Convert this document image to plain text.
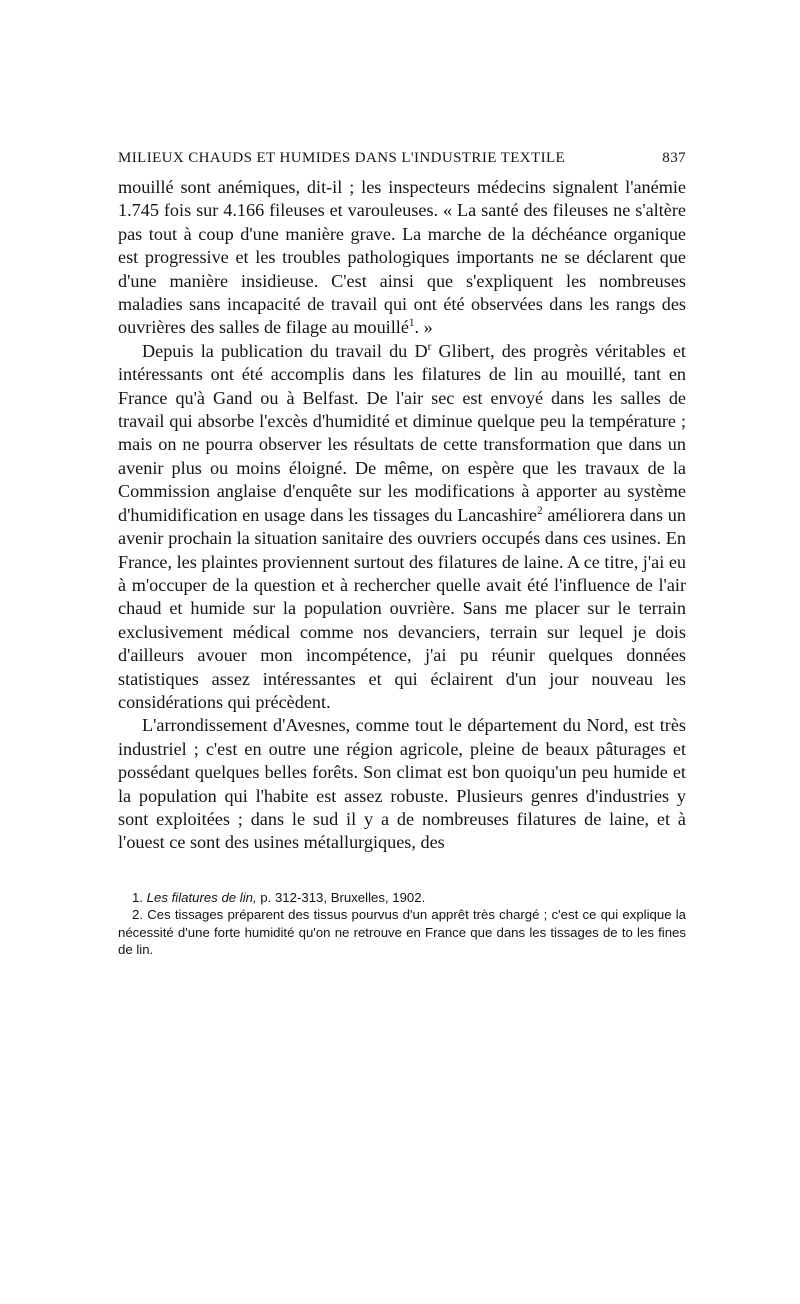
MILIEUX CHAUDS ET HUMIDES DANS L'INDUSTRIE TEXTILE	837

mouillé sont anémiques, dit-il ; les inspecteurs médecins signalent l'anémie 1.745 fois sur 4.166 fileuses et varouleuses. « La santé des fileuses ne s'altère pas tout à coup d'une manière grave. La marche de la déchéance organique est progressive et les troubles pathologiques importants ne se déclarent que d'une manière insidieuse. C'est ainsi que s'expliquent les nombreuses maladies sans incapacité de travail qui ont été observées dans les rangs des ouvrières des salles de filage au mouillé$^1$. »

Depuis la publication du travail du $D^r$ Glibert, des progrès véritables et intéressants ont été accomplis dans les filatures de lin au mouillé, tant en France qu'à Gand ou à Belfast. De l'air sec est envoyé dans les salles de travail qui absorbe l'excès d'humidité et diminue quelque peu la température ; mais on ne pourra observer les résultats de cette transformation que dans un avenir plus ou moins éloigné. De même, on espère que les travaux de la Commission anglaise d'enquête sur les modifications à apporter au système d'humidification en usage dans les tissages du Lancashire$^2$ améliorera dans un avenir prochain la situation sanitaire des ouvriers occupés dans ces usines. En France, les plaintes proviennent surtout des filatures de laine. A ce titre, j'ai eu à m'occuper de la question et à rechercher quelle avait été l'influence de l'air chaud et humide sur la population ouvrière. Sans me placer sur le terrain exclusivement médical comme nos devanciers, terrain sur lequel je dois d'ailleurs avouer mon incompétence, j'ai pu réunir quelques données statistiques assez intéressantes et qui éclairent d'un jour nouveau les considérations qui précèdent.

L'arrondissement d'Avesnes, comme tout le département du Nord, est très industriel ; c'est en outre une région agricole, pleine de beaux pâturages et possédant quelques belles forêts. Son climat est bon quoiqu'un peu humide et la population qui l'habite est assez robuste. Plusieurs genres d'industries y sont exploitées ; dans le sud il y a de nombreuses filatures de laine, et à l'ouest ce sont des usines métallurgiques, des

1. Les filatures de lin, p. 312-313, Bruxelles, 1902.

2. Ces tissages préparent des tissus pourvus d'un apprêt très chargé ; c'est ce qui explique la nécessité d'une forte humidité qu'on ne retrouve en France que dans les tissages de to les fines de lin.
